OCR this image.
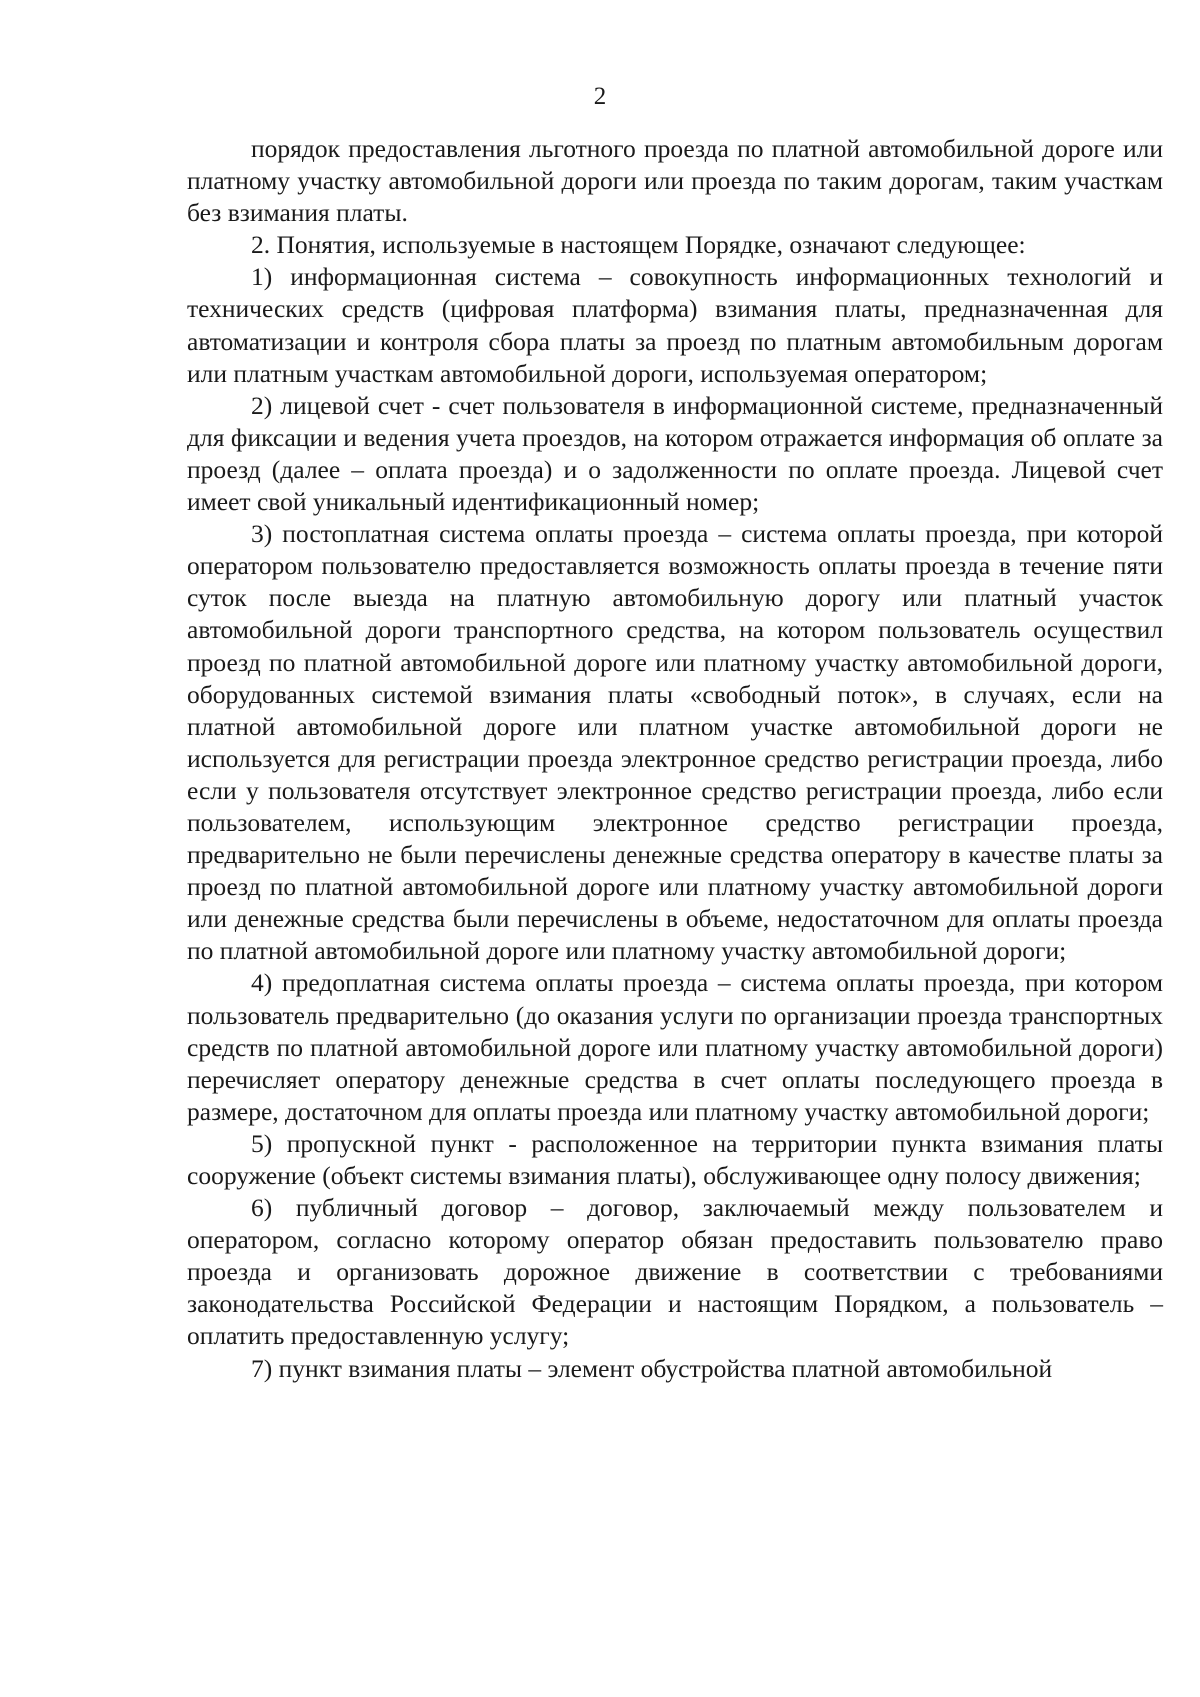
2

порядок предоставления льготного проезда по платной автомобильной дороге или платному участку автомобильной дороги или проезда по таким дорогам, таким участкам без взимания платы.

2. Понятия, используемые в настоящем Порядке, означают следующее:

1) информационная система – совокупность информационных технологий и технических средств (цифровая платформа) взимания платы, предназначенная для автоматизации и контроля сбора платы за проезд по платным автомобильным дорогам или платным участкам автомобильной дороги, используемая оператором;

2) лицевой счет - счет пользователя в информационной системе, предназначенный для фиксации и ведения учета проездов, на котором отражается информация об оплате за проезд (далее – оплата проезда) и о задолженности по оплате проезда. Лицевой счет имеет свой уникальный идентификационный номер;

3) постоплатная система оплаты проезда – система оплаты проезда, при которой оператором пользователю предоставляется возможность оплаты проезда в течение пяти суток после выезда на платную автомобильную дорогу или платный участок автомобильной дороги транспортного средства, на котором пользователь осуществил проезд по платной автомобильной дороге или платному участку автомобильной дороги, оборудованных системой взимания платы «свободный поток», в случаях, если на платной автомобильной дороге или платном участке автомобильной дороги не используется для регистрации проезда электронное средство регистрации проезда, либо если у пользователя отсутствует электронное средство регистрации проезда, либо если пользователем, использующим электронное средство регистрации проезда, предварительно не были перечислены денежные средства оператору в качестве платы за проезд по платной автомобильной дороге или платному участку автомобильной дороги или денежные средства были перечислены в объеме, недостаточном для оплаты проезда по платной автомобильной дороге или платному участку автомобильной дороги;

4) предоплатная система оплаты проезда – система оплаты проезда, при котором пользователь предварительно (до оказания услуги по организации проезда транспортных средств по платной автомобильной дороге или платному участку автомобильной дороги) перечисляет оператору денежные средства в счет оплаты последующего проезда в размере, достаточном для оплаты проезда или платному участку автомобильной дороги;

5) пропускной пункт - расположенное на территории пункта взимания платы сооружение (объект системы взимания платы), обслуживающее одну полосу движения;

6) публичный договор – договор, заключаемый между пользователем и оператором, согласно которому оператор обязан предоставить пользователю право проезда и организовать дорожное движение в соответствии с требованиями законодательства Российской Федерации и настоящим Порядком, а пользователь – оплатить предоставленную услугу;

7) пункт взимания платы – элемент обустройства платной автомобильной
